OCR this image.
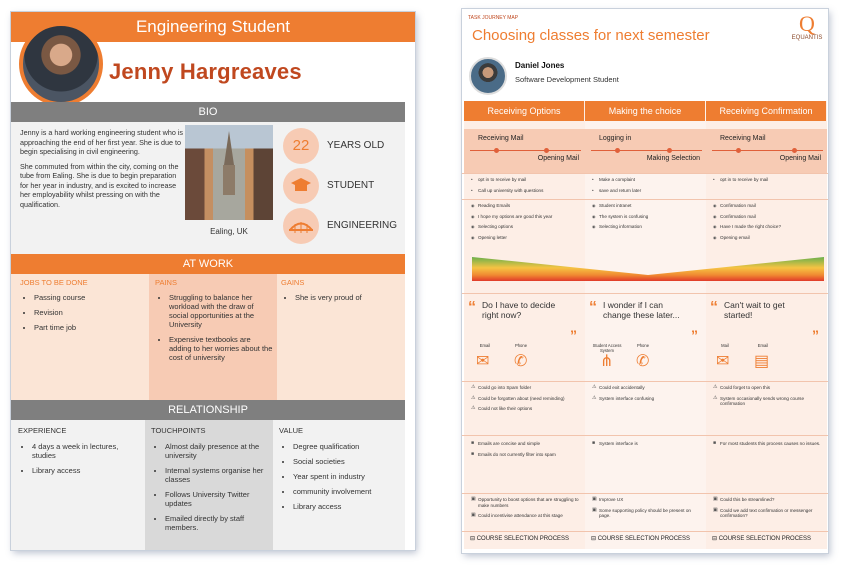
Engineering Student
Jenny Hargreaves
BIO

Jenny is a hard working engineering student who is approaching the end of her first year. She is due to begin specialising in civil engineering.

She commuted from within the city, coming on the tube from Ealing. She is due to begin preparation for her year in industry, and is excited to increase her employability whilst pressing on with the qualification.

Ealing, UK
22	YEARS OLD
STUDENT
ENGINEERING
AT WORK
JOBS TO BE DONE
• Passing course
• Revision
• Part time job
PAINS
• Struggling to balance her workload with the draw of social opportunities at the University
• Expensive textbooks are adding to her worries about the cost of university
GAINS
• She is very proud of
RELATIONSHIP
EXPERIENCE
• 4 days a week in lectures, studies
• Library access
TOUCHPOINTS
• Almost daily presence at the university
• Internal systems organise her classes
• Follows University Twitter updates
• Emailed directly by staff members.
VALUE
• Degree qualification
• Social societies
• Year spent in industry
• community involvement
• Library access
TASK JOURNEY MAP
Choosing classes for next semester	Q
EQUANTIS
Daniel Jones
Software Development Student
Receiving Options	Making the choice	Receiving Confirmation
Receiving Mail
Opening Mail
Logging in
Making Selection
Receiving Mail
Opening Mail
• opt in to receive by mail
• Call up university with questions
• Make a complaint
• save and return later
• opt in to receive by mail
◉ Reading Emails
◉ I hope my options are good this year
◉ Selecting options
◉ Opening letter
◉ Student intranet
◉ The system is confusing
◉ Selecting information
◉ Confirmation mail
◉ Confirmation mail
◉ Have I made the right choice?
◉ Opening email
“ Do I have to decide right now?	“ I wonder if I can change these later...	“ Can't wait to get started!
”	”	”
Email	Phone
✉ ✆
Student Access System
Phone
⋔ ✆
Mail	Email
✉ ▤
⚠ Could go into Spam folder
⚠ Could be forgotten about (need reminding)
⚠ Could not like their options
⚠ Could exit accidentally
⚠ System interface confusing
⚠ Could forget to open this
⚠ System occasionally sends wrong course confirmation
■ Emails are concise and simple
■ Emails do not currently filter into spam
■ System interface is
■	For most students this process causes no issues.
▣ Opportunity to boost options that are struggling to make numbers
▣ Could incentivise attendance at this stage
▣ Improve UX
▣ Some supporting policy should be present on page.
▣ Could this be streamlined?
▣ Could we add text confirmation or messenger confirmation?
⊟ COURSE SELECTION PROCESS	⊟ COURSE SELECTION PROCESS	⊟ COURSE SELECTION PROCESS
